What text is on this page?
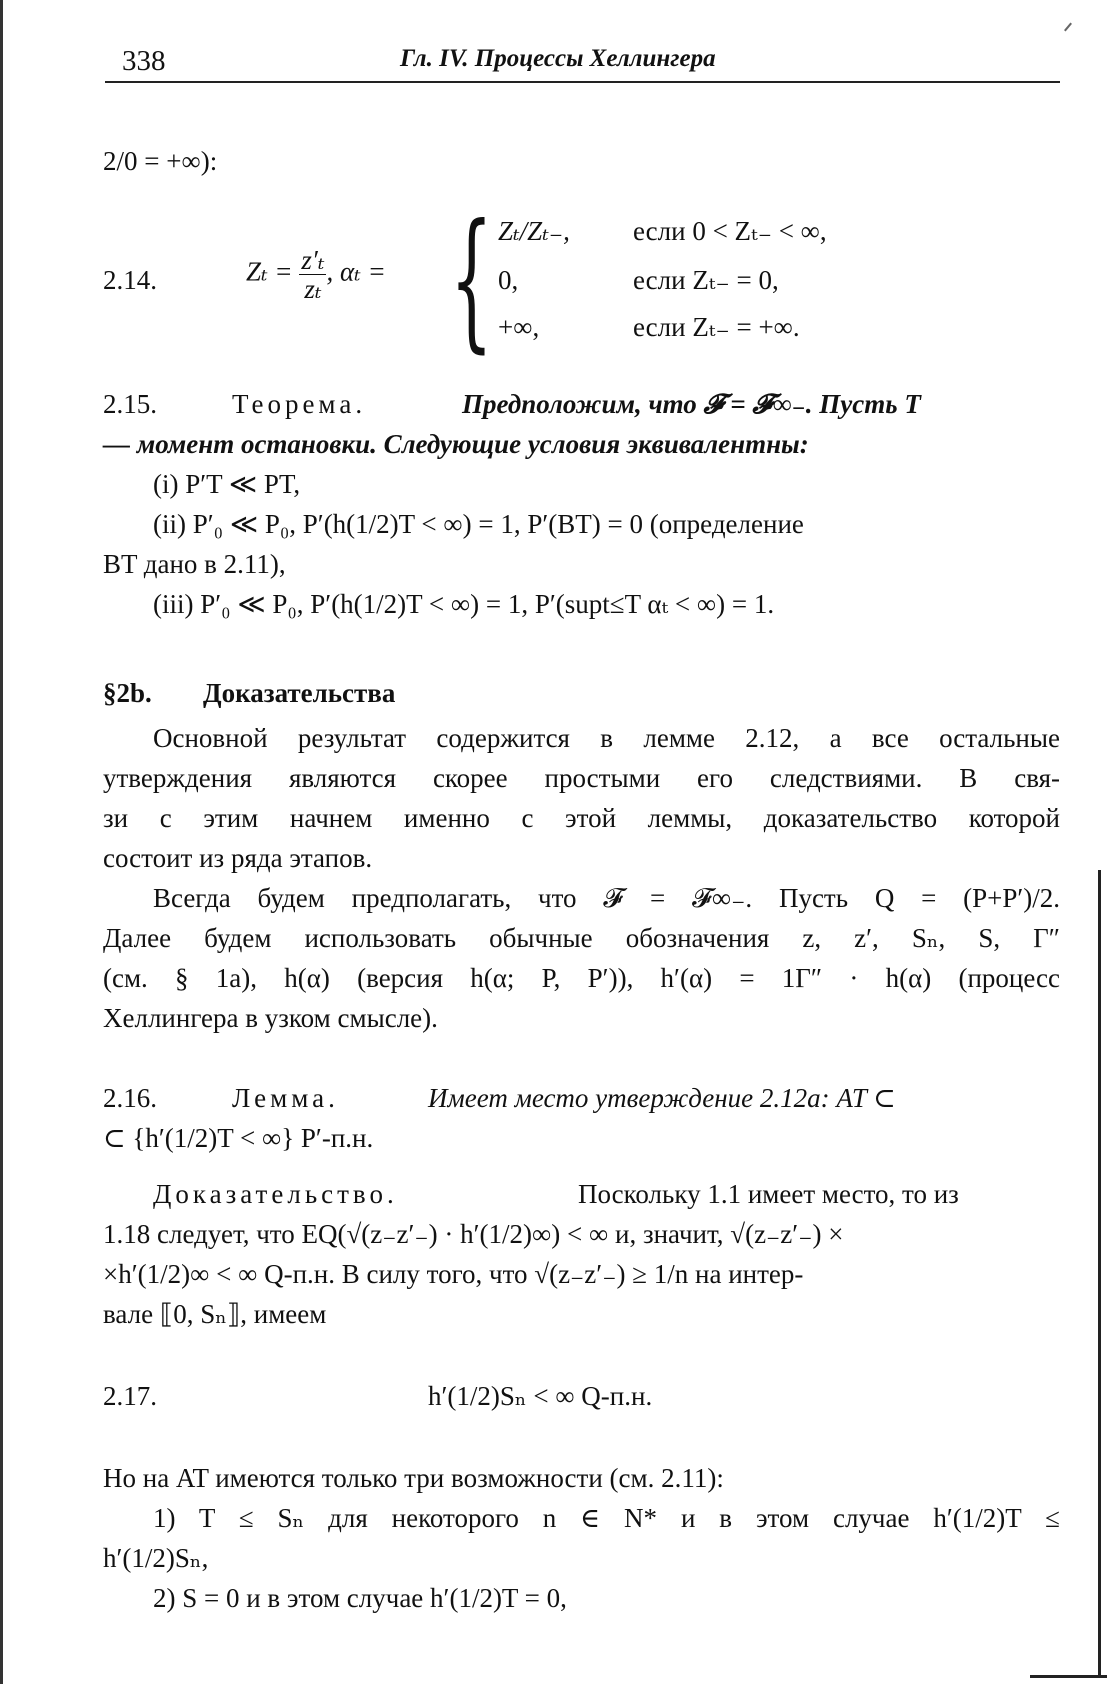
338	Гл. IV. Процессы Хеллингера
2/0 = +∞):
2.14.	$Z_t = \frac{\text{z′ₜ}}{\text{zₜ}}$ , αₜ = { Zₜ/Zₜ₋, если 0 < Zₜ₋ < ∞,
0,	если Zₜ₋ = 0,
+∞,	если Zₜ₋ = +∞.
2.15.	Теорема.	Предположим, что 𝓕 = 𝓕∞₋. Пусть T
— момент остановки. Следующие условия эквивалентны:
(i) P′T ≪ PT,
(ii) P′₀ ≪ P₀, P′(h(1/2)T < ∞) = 1, P′(BT) = 0 (определение
BT дано в 2.11),
(iii) P′₀ ≪ P₀, P′(h(1/2)T < ∞) = 1, P′(supt≤T αₜ < ∞) = 1.
§2b. Доказательства
Основной результат содержится в лемме 2.12, а все остальные
утверждения являются скорее простыми его следствиями. В свя-
зи с этим начнем именно с этой леммы, доказательство которой
состоит из ряда этапов.
Всегда будем предполагать, что 𝓕 = 𝓕∞₋. Пусть Q = (P+P′)/2.
Далее будем использовать обычные обозначения z, z′, Sₙ, S, Γ″
(см. § 1a), h(α) (версия h(α; P, P′)), h′(α) = 1Γ″ · h(α) (процесс
Хеллингера в узком смысле).
2.16.	Лемма.	Имеет место утверждение 2.12а: AT ⊂
⊂ {h′(1/2)T < ∞} P′-п.н.
Доказательство.	Поскольку 1.1 имеет место, то из
1.18 следует, что EQ(√(z₋z′₋) · h′(1/2)∞) < ∞ и, значит, √(z₋z′₋) ×
×h′(1/2)∞ < ∞ Q-п.н. В силу того, что √(z₋z′₋) ≥ 1/n на интер-
вале ⟦0, Sₙ⟧, имеем
2.17.	h′(1/2)Sₙ < ∞ Q-п.н.
Но на AT имеются только три возможности (см. 2.11):
1) T ≤ Sₙ для некоторого n ∈ N* и в этом случае h′(1/2)T ≤
h′(1/2)Sₙ,
2) S = 0 и в этом случае h′(1/2)T = 0,
